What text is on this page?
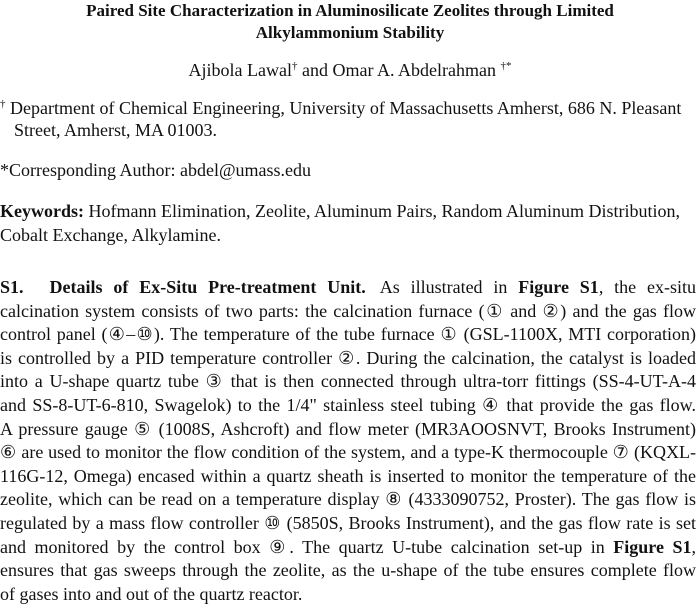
Paired Site Characterization in Aluminosilicate Zeolites through Limited
Alkylammonium Stability
Ajibola Lawal† and Omar A. Abdelrahman †*
† Department of Chemical Engineering, University of Massachusetts Amherst, 686 N. Pleasant Street, Amherst, MA 01003.
*Corresponding Author: abdel@umass.edu
Keywords: Hofmann Elimination, Zeolite, Aluminum Pairs, Random Aluminum Distribution, Cobalt Exchange, Alkylamine.
S1. Details of Ex-Situ Pre-treatment Unit. As illustrated in Figure S1, the ex-situ
calcination system consists of two parts: the calcination furnace (① and ②) and the gas flow
control panel (④–⑩). The temperature of the tube furnace ① (GSL-1100X, MTI corporation)
is controlled by a PID temperature controller ②. During the calcination, the catalyst is loaded
into a U-shape quartz tube ③ that is then connected through ultra-torr fittings (SS-4-UT-A-4
and SS-8-UT-6-810, Swagelok) to the 1/4" stainless steel tubing ④ that provide the gas flow.
A pressure gauge ⑤ (1008S, Ashcroft) and flow meter (MR3AOOSNVT, Brooks Instrument)
⑥ are used to monitor the flow condition of the system, and a type-K thermocouple ⑦ (KQXL-
116G-12, Omega) encased within a quartz sheath is inserted to monitor the temperature of the
zeolite, which can be read on a temperature display ⑧ (4333090752, Proster). The gas flow is
regulated by a mass flow controller ⑩ (5850S, Brooks Instrument), and the gas flow rate is set
and monitored by the control box ⑨. The quartz U-tube calcination set-up in Figure S1,
ensures that gas sweeps through the zeolite, as the u-shape of the tube ensures complete flow
of gases into and out of the quartz reactor.
